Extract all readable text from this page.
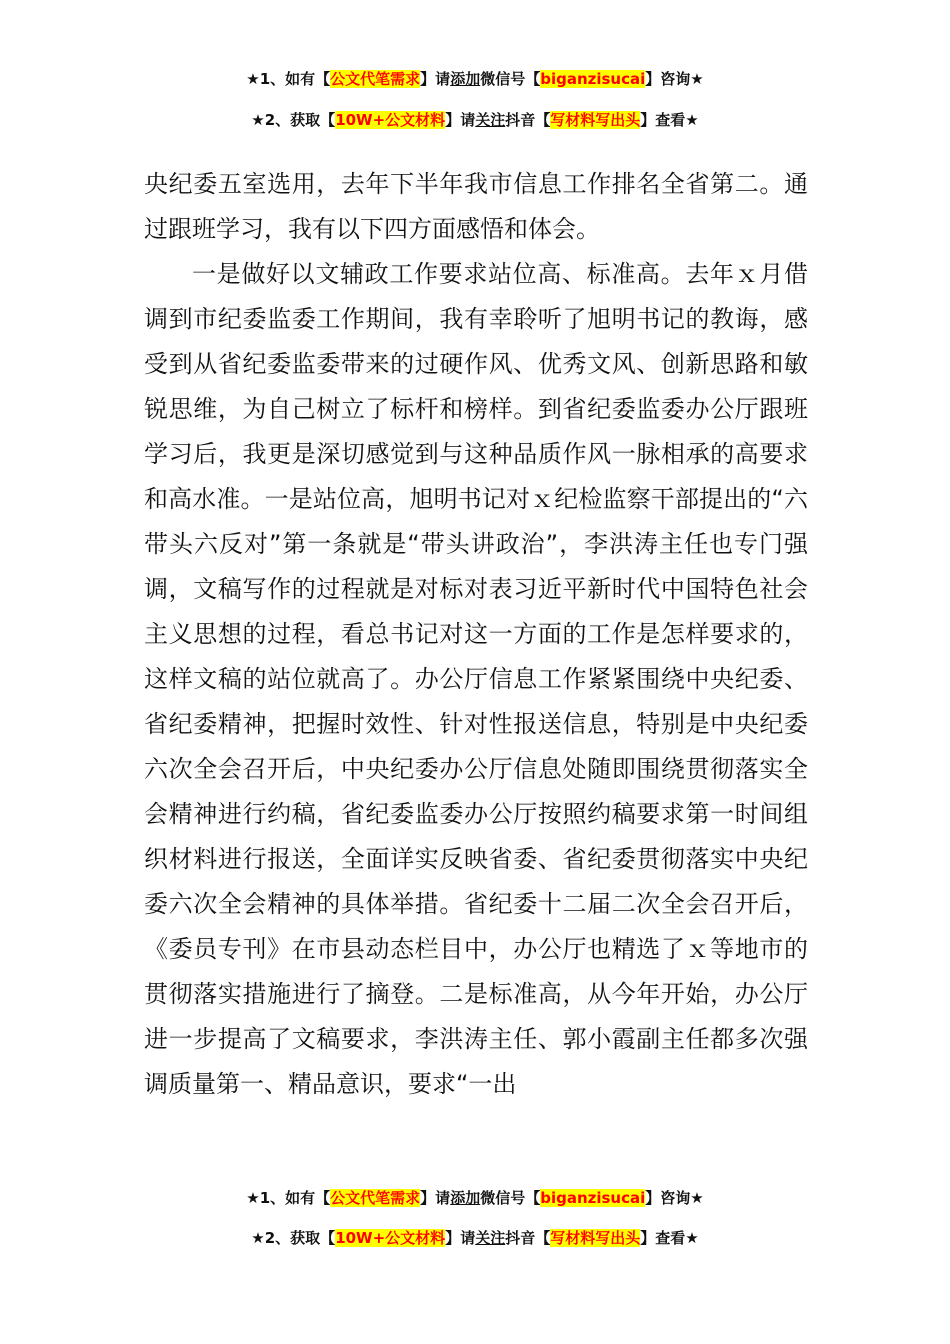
★1、如有【公文代笔需求】请添加微信号【biganzisucai】咨询★
★2、获取【10W+公文材料】请关注抖音【写材料写出头】查看★

央纪委五室选用，去年下半年我市信息工作排名全省第二。通过跟班学习，我有以下四方面感悟和体会。

一是做好以文辅政工作要求站位高、标准高。去年ｘ月借调到市纪委监委工作期间，我有幸聆听了旭明书记的教诲，感受到从省纪委监委带来的过硬作风、优秀文风、创新思路和敏锐思维，为自己树立了标杆和榜样。到省纪委监委办公厅跟班学习后，我更是深切感觉到与这种品质作风一脉相承的高要求和高水准。一是站位高，旭明书记对ｘ纪检监察干部提出的“六带头六反对”第一条就是“带头讲政治”，李洪涛主任也专门强调，文稿写作的过程就是对标对表习近平新时代中国特色社会主义思想的过程，看总书记对这一方面的工作是怎样要求的，这样文稿的站位就高了。办公厅信息工作紧紧围绕中央纪委、省纪委精神，把握时效性、针对性报送信息，特别是中央纪委六次全会召开后，中央纪委办公厅信息处随即围绕贯彻落实全会精神进行约稿，省纪委监委办公厅按照约稿要求第一时间组织材料进行报送，全面详实反映省委、省纪委贯彻落实中央纪委六次全会精神的具体举措。省纪委十二届二次全会召开后，《委员专刊》在市县动态栏目中，办公厅也精选了ｘ等地市的贯彻落实措施进行了摘登。二是标准高，从今年开始，办公厅进一步提高了文稿要求，李洪涛主任、郭小霞副主任都多次强调质量第一、精品意识，要求“一出

★1、如有【公文代笔需求】请添加微信号【biganzisucai】咨询★
★2、获取【10W+公文材料】请关注抖音【写材料写出头】查看★
